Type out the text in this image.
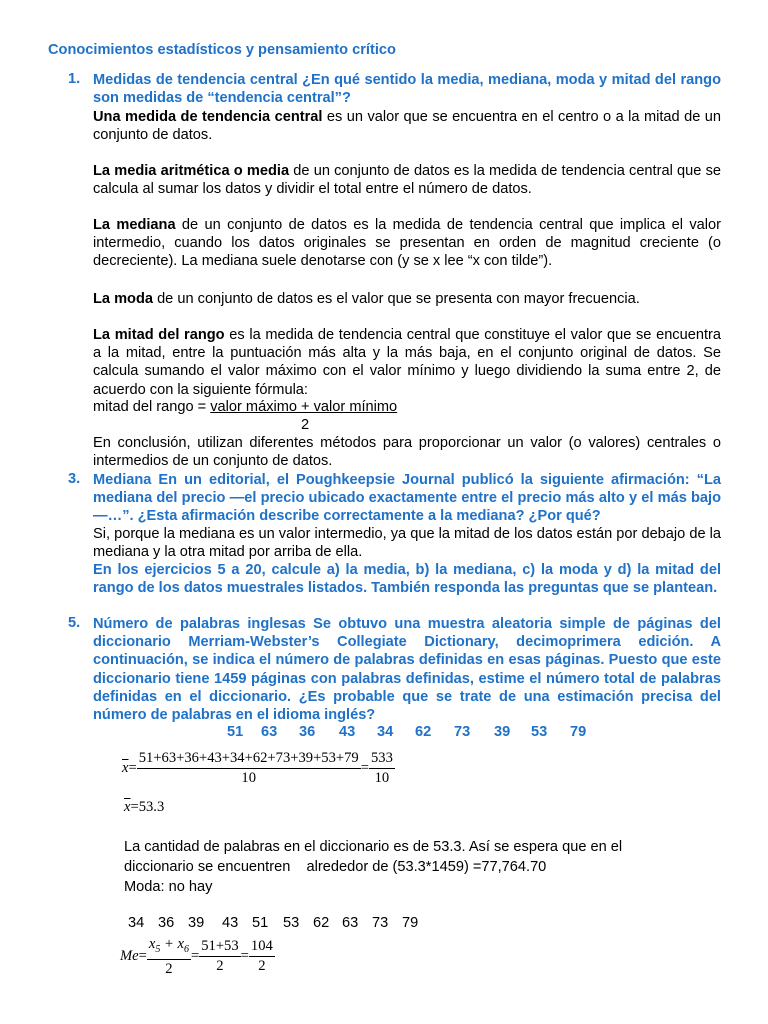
Conocimientos estadísticos y pensamiento crítico
1. Medidas de tendencia central ¿En qué sentido la media, mediana, moda y mitad del rango son medidas de “tendencia central”?
Una medida de tendencia central es un valor que se encuentra en el centro o a la mitad de un conjunto de datos.
La media aritmética o media de un conjunto de datos es la medida de tendencia central que se calcula al sumar los datos y dividir el total entre el número de datos.
La mediana de un conjunto de datos es la medida de tendencia central que implica el valor intermedio, cuando los datos originales se presentan en orden de magnitud creciente (o decreciente). La mediana suele denotarse con (y se x lee “x con tilde”).
La moda de un conjunto de datos es el valor que se presenta con mayor frecuencia.
La mitad del rango es la medida de tendencia central que constituye el valor que se encuentra a la mitad, entre la puntuación más alta y la más baja, en el conjunto original de datos. Se calcula sumando el valor máximo con el valor mínimo y luego dividiendo la suma entre 2, de acuerdo con la siguiente fórmula:
mitad del rango = valor máximo + valor mínimo
2
En conclusión, utilizan diferentes métodos para proporcionar un valor (o valores) centrales o intermedios de un conjunto de datos.
3. Mediana En un editorial, el Poughkeepsie Journal publicó la siguiente afirmación: “La mediana del precio —el precio ubicado exactamente entre el precio más alto y el más bajo—…”. ¿Esta afirmación describe correctamente a la mediana? ¿Por qué?
Si, porque la mediana es un valor intermedio, ya que la mitad de los datos están por debajo de la mediana y la otra mitad por arriba de ella.
En los ejercicios 5 a 20, calcule a) la media, b) la mediana, c) la moda y d) la mitad del rango de los datos muestrales listados. También responda las preguntas que se plantean.
5. Número de palabras inglesas Se obtuvo una muestra aleatoria simple de páginas del diccionario Merriam-Webster’s Collegiate Dictionary, decimoprimera edición. A continuación, se indica el número de palabras definidas en esas páginas. Puesto que este diccionario tiene 1459 páginas con palabras definidas, estime el número total de palabras definidas en el diccionario. ¿Es probable que se trate de una estimación precisa del número de palabras en el idioma inglés?
51 63 36 43 34 62 73 39 53 79
$\overline{x} = \frac{51+63+36+43+34+62+73+39+53+79}{10} = \frac{533}{10}$
$\overline{x}=53.3$
La cantidad de palabras en el diccionario es de 53.3. Así se espera que en el
diccionario se encuentren    alrededor de (53.3*1459) =77,764.70
Moda: no hay
34 36 39 43 51 53 62 63 73 79
$Me = \frac{x_5 + x_6}{2} = \frac{51+53}{2} = \frac{104}{2}$
